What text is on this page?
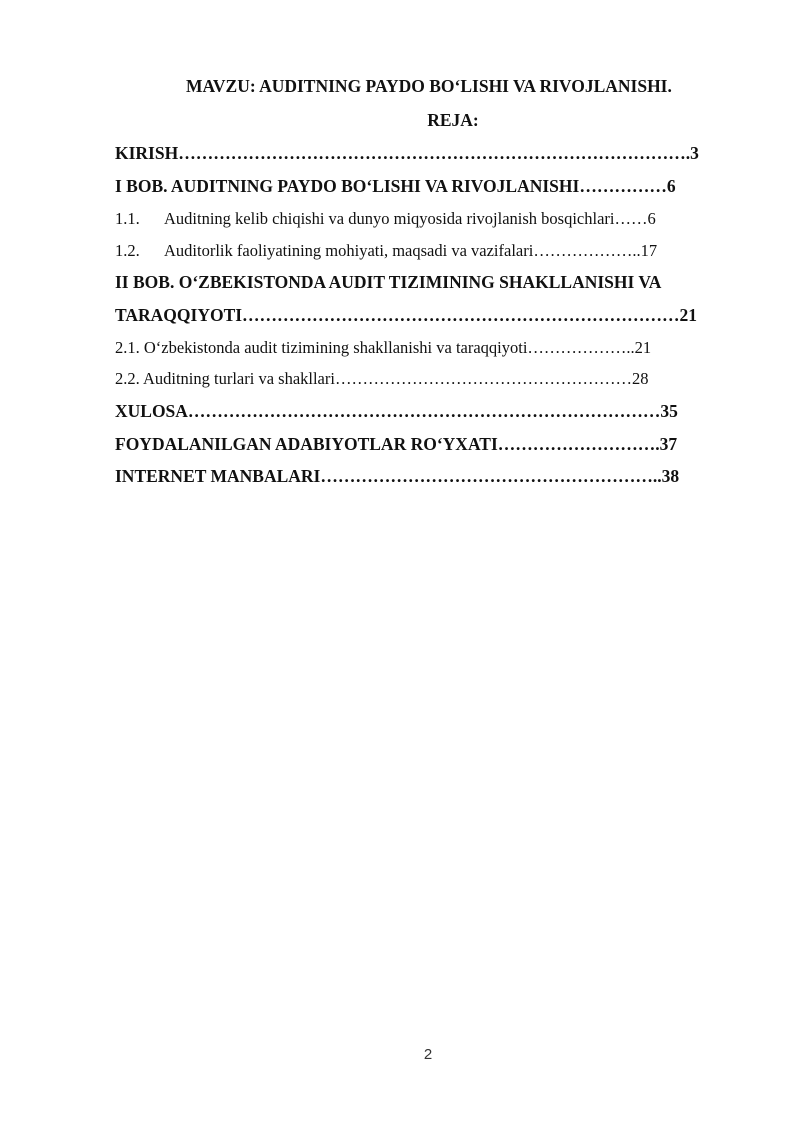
MAVZU: AUDITNING PAYDO BO‘LISHI VA RIVOJLANISHI.
REJA:
KIRISH…………………………………………………………………………….3
I BOB. AUDITNING PAYDO BO‘LISHI VA RIVOJLANISHI……………6
1.1. Auditning kelib chiqishi va dunyo miqyosida rivojlanish bosqichlari……6
1.2. Auditorlik faoliyatining mohiyati, maqsadi va vazifalari………………..17
II BOB. O‘ZBEKISTONDA AUDIT TIZIMINING SHAKLLANISHI VA
TARAQQIYOTI…………………………………………………………………21
2.1. O‘zbekistonda audit tizimining shakllanishi va taraqqiyoti………………..21
2.2. Auditning turlari va shakllari………………………………………………28
XULOSA………………………………………………………………………35
FOYDALANILGAN ADABIYOTLAR RO‘YXATI……………………….37
INTERNET MANBALARI…………………………………………………..38
2
